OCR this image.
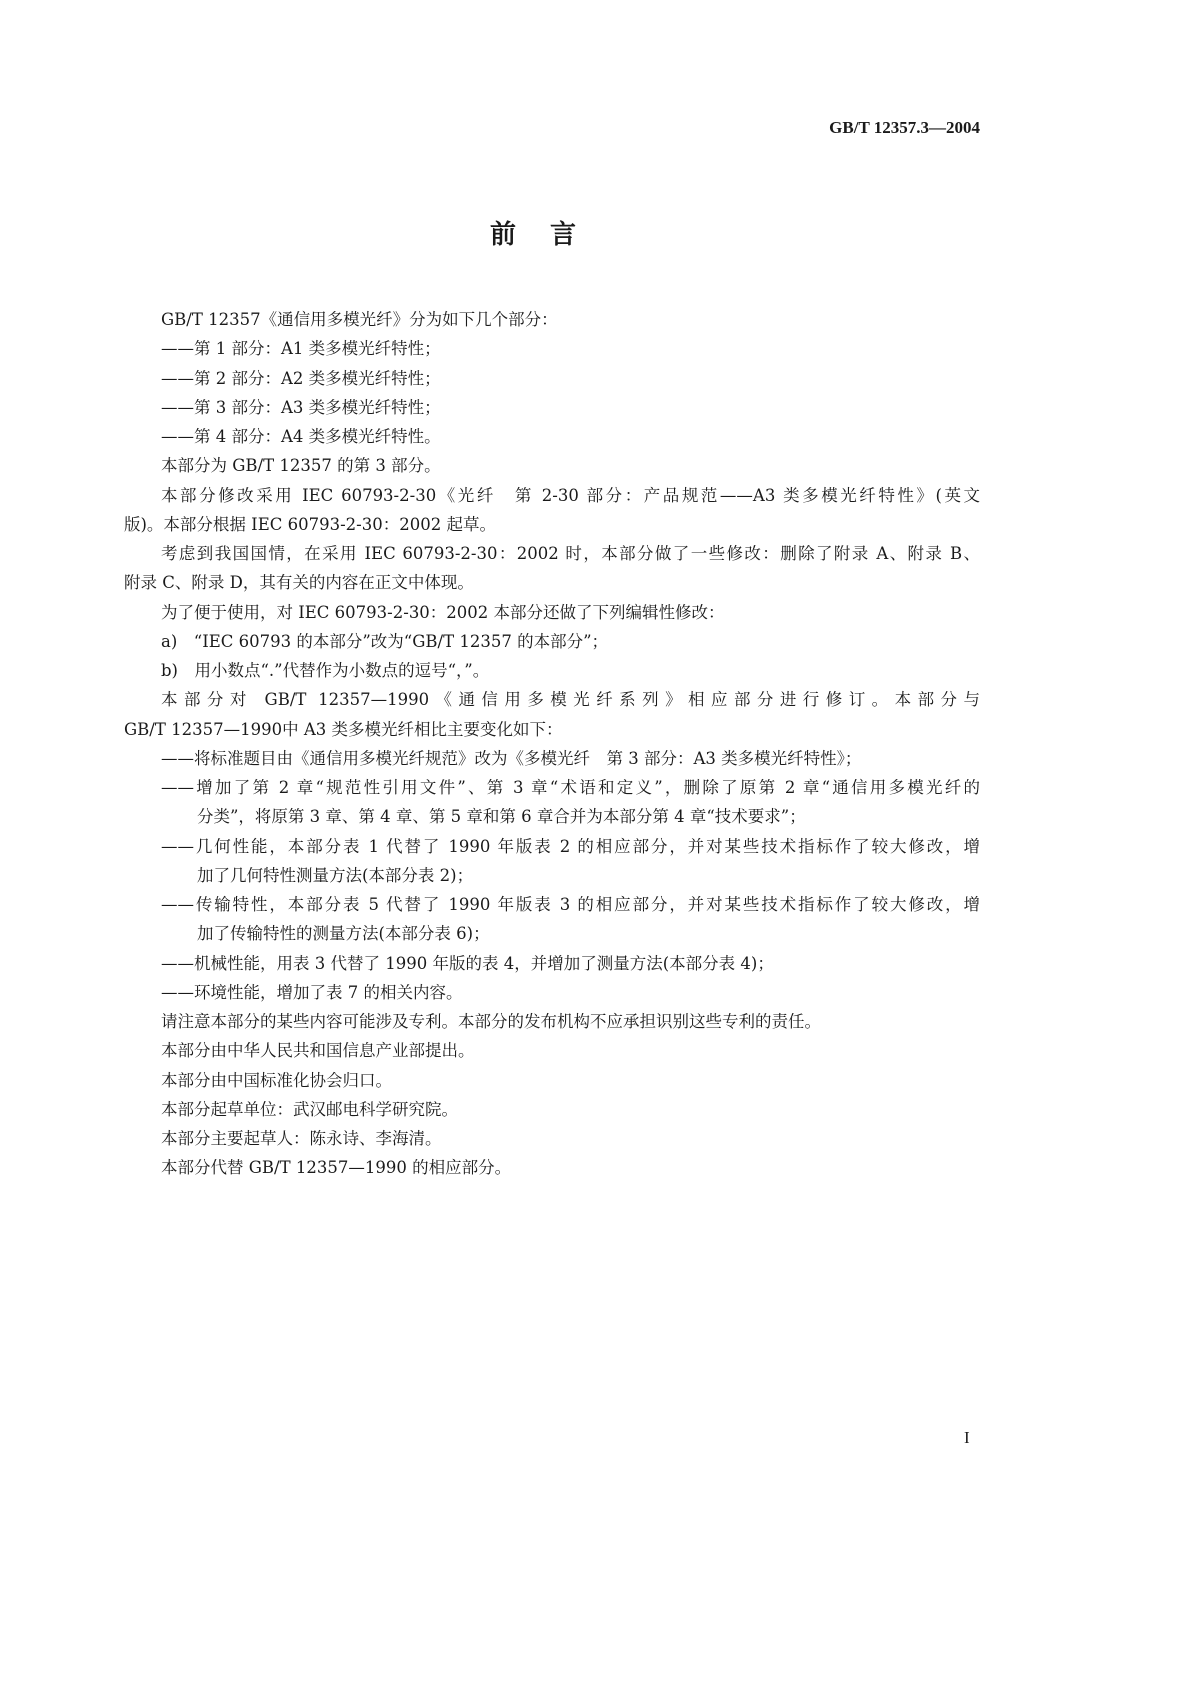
GB/T 12357.3—2004
前言
GB/T 12357《通信用多模光纤》分为如下几个部分：
——第 1 部分：A1 类多模光纤特性；
——第 2 部分：A2 类多模光纤特性；
——第 3 部分：A3 类多模光纤特性；
——第 4 部分：A4 类多模光纤特性。
本部分为 GB/T 12357 的第 3 部分。
本部分修改采用 IEC 60793-2-30《光纤　第 2-30 部分：产品规范——A3 类多模光纤特性》(英文
版)。本部分根据 IEC 60793-2-30：2002 起草。
考虑到我国国情，在采用 IEC 60793-2-30：2002 时，本部分做了一些修改：删除了附录 A、附录 B、
附录 C、附录 D，其有关的内容在正文中体现。
为了便于使用，对 IEC 60793-2-30：2002 本部分还做了下列编辑性修改：
a)　“IEC 60793 的本部分”改为“GB/T 12357 的本部分”；
b)　用小数点“.”代替作为小数点的逗号“，”。
本部分对 GB/T 12357—1990《通信用多模光纤系列》相应部分进行修订。本部分与
GB/T 12357—1990中 A3 类多模光纤相比主要变化如下：
——将标准题目由《通信用多模光纤规范》改为《多模光纤　第 3 部分：A3 类多模光纤特性》；
——增加了第 2 章“规范性引用文件”、第 3 章“术语和定义”，删除了原第 2 章“通信用多模光纤的
分类”，将原第 3 章、第 4 章、第 5 章和第 6 章合并为本部分第 4 章“技术要求”；
——几何性能，本部分表 1 代替了 1990 年版表 2 的相应部分，并对某些技术指标作了较大修改，增
加了几何特性测量方法(本部分表 2)；
——传输特性，本部分表 5 代替了 1990 年版表 3 的相应部分，并对某些技术指标作了较大修改，增
加了传输特性的测量方法(本部分表 6)；
——机械性能，用表 3 代替了 1990 年版的表 4，并增加了测量方法(本部分表 4)；
——环境性能，增加了表 7 的相关内容。
请注意本部分的某些内容可能涉及专利。本部分的发布机构不应承担识别这些专利的责任。
本部分由中华人民共和国信息产业部提出。
本部分由中国标准化协会归口。
本部分起草单位：武汉邮电科学研究院。
本部分主要起草人：陈永诗、李海清。
本部分代替 GB/T 12357—1990 的相应部分。
I
